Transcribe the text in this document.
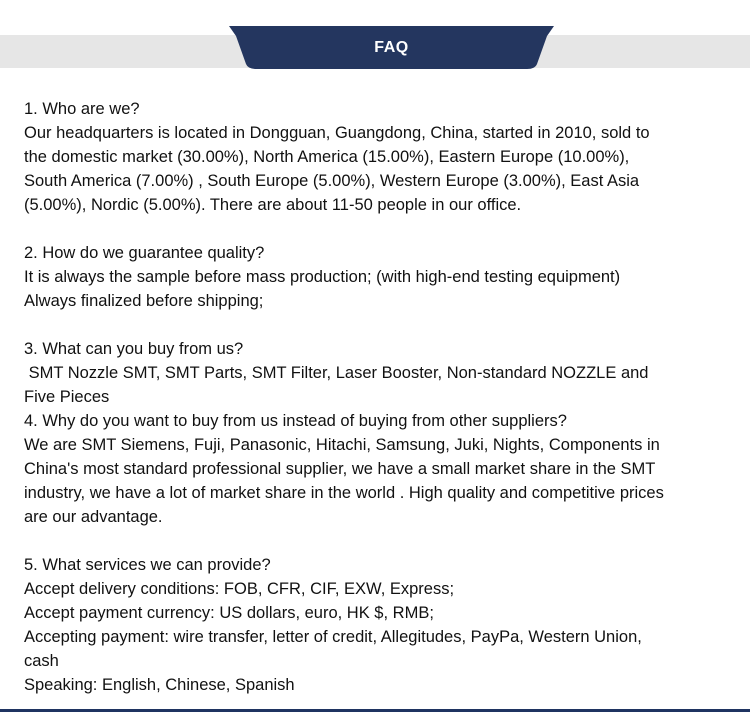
FAQ

1. Who are we?

Our headquarters is located in Dongguan, Guangdong, China, started in 2010, sold to

the domestic market (30.00%), North America (15.00%), Eastern Europe (10.00%),

South America (7.00%) , South Europe (5.00%), Western Europe (3.00%), East Asia

(5.00%), Nordic (5.00%). There are about 11-50 people in our office.

2. How do we guarantee quality?

It is always the sample before mass production; (with high-end testing equipment)

Always finalized before shipping;

3. What can you buy from us?

SMT Nozzle SMT, SMT Parts, SMT Filter, Laser Booster, Non-standard NOZZLE and

Five Pieces

4. Why do you want to buy from us instead of buying from other suppliers?

We are SMT Siemens, Fuji, Panasonic, Hitachi, Samsung, Juki, Nights, Components in

China's most standard professional supplier, we have a small market share in the SMT

industry, we have a lot of market share in the world . High quality and competitive prices

are our advantage.

5. What services we can provide?

Accept delivery conditions: FOB, CFR, CIF, EXW, Express;

Accept payment currency: US dollars, euro, HK $, RMB;

Accepting payment: wire transfer, letter of credit, Allegitudes, PayPa, Western Union,

cash

Speaking: English, Chinese, Spanish
